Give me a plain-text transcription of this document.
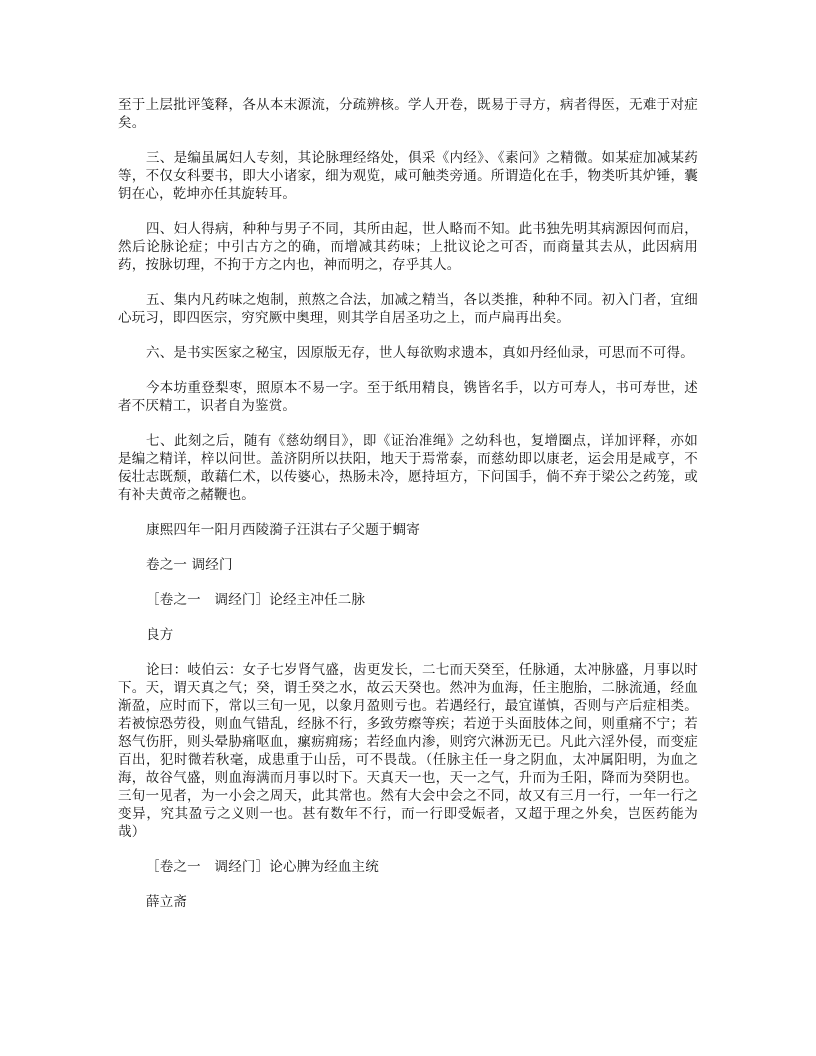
至于上层批评笺释，各从本末源流，分疏辨核。学人开卷，既易于寻方，病者得医，无难于对症矣。

三、是编虽属妇人专刻，其论脉理经络处，俱采《内经》、《素问》之精微。如某症加减某药等，不仅女科要书，即大小诸家，细为观览，咸可触类旁通。所谓造化在手，物类听其炉锤，囊钥在心，乾坤亦任其旋转耳。

四、妇人得病，种种与男子不同，其所由起，世人略而不知。此书独先明其病源因何而启，然后论脉论症；中引古方之的确，而增减其药味；上批议论之可否，而商量其去从，此因病用药，按脉切理，不拘于方之内也，神而明之，存乎其人。

五、集内凡药味之炮制，煎熬之合法，加减之精当，各以类推，种种不同。初入门者，宜细心玩习，即四医宗，穷究厥中奥理，则其学自居圣功之上，而卢扁再出矣。

六、是书实医家之秘宝，因原版无存，世人每欲购求遗本，真如丹经仙录，可思而不可得。

今本坊重登梨枣，照原本不易一字。至于纸用精良，镌皆名手，以方可寿人，书可寿世，述者不厌精工，识者自为鉴赏。

七、此刻之后，随有《慈幼纲目》，即《证治准绳》之幼科也，复增圈点，详加评释，亦如是编之精详，梓以问世。盖济阴所以扶阳，地天于焉常泰，而慈幼即以康老，运会用是咸亨，不佞壮志既颓，敢藉仁术，以传婆心，热肠未冷，愿持垣方，下问国手，倘不弃于梁公之药笼，或有补夫黄帝之赭鞭也。

康熙四年一阳月西陵漪子汪淇右子父题于蜩寄

卷之一 调经门

［卷之一　调经门］论经主冲任二脉

良方

论曰：岐伯云：女子七岁肾气盛，齿更发长，二七而天癸至，任脉通，太冲脉盛，月事以时下。天，谓天真之气；癸，谓壬癸之水，故云天癸也。然冲为血海，任主胞胎，二脉流通，经血渐盈，应时而下，常以三旬一见，以象月盈则亏也。若遇经行，最宜谨慎，否则与产后症相类。若被惊恐劳役，则血气错乱，经脉不行，多致劳瘵等疾；若逆于头面肢体之间，则重痛不宁；若怒气伤肝，则头晕胁痛呕血，瘰疬痈疡；若经血内渗，则窍穴淋沥无已。凡此六淫外侵，而变症百出，犯时微若秋毫，成患重于山岳，可不畏哉。（任脉主任一身之阴血，太冲属阳明，为血之海，故谷气盛，则血海满而月事以时下。天真天一也，天一之气，升而为壬阳，降而为癸阴也。三旬一见者，为一小会之周天，此其常也。然有大会中会之不同，故又有三月一行，一年一行之变异，究其盈亏之义则一也。甚有数年不行，而一行即受娠者，又超于理之外矣，岂医药能为哉）

［卷之一　调经门］论心脾为经血主统

薛立斋
